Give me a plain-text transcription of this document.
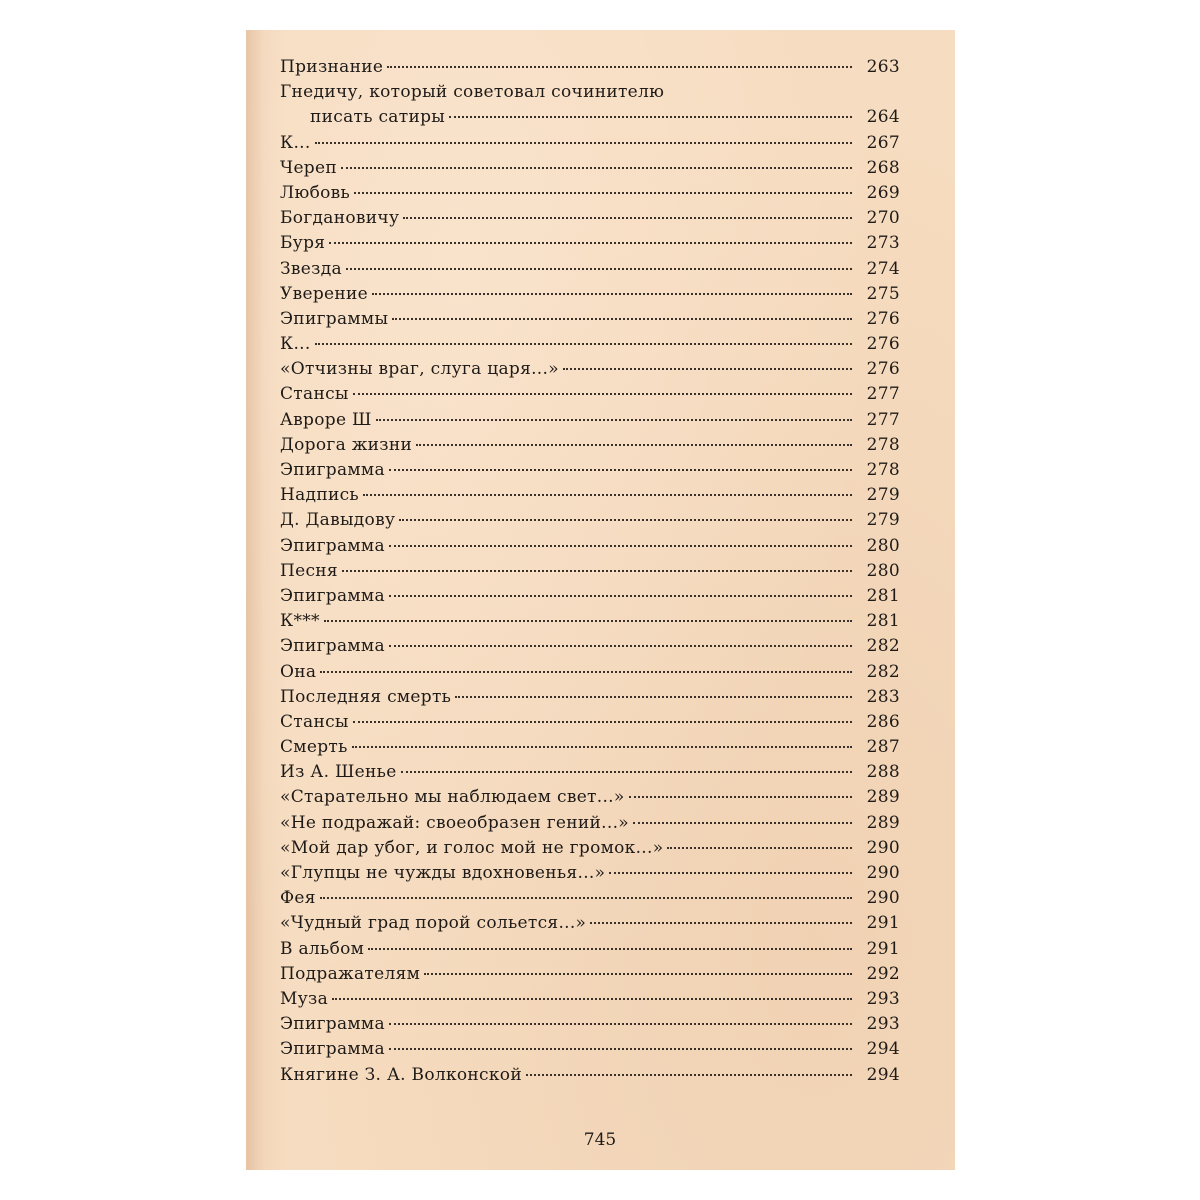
Признание	263
Гнедичу, который советовал сочинителю
писать сатиры	264
К...	267
Череп	268
Любовь	269
Богдановичу	270
Буря	273
Звезда	274
Уверение	275
Эпиграммы	276
К...	276
«Отчизны враг, слуга царя...»	276
Стансы	277
Авроре Ш	277
Дорога жизни	278
Эпиграмма	278
Надпись	279
Д. Давыдову	279
Эпиграмма	280
Песня	280
Эпиграмма	281
К***	281
Эпиграмма	282
Она	282
Последняя смерть	283
Стансы	286
Смерть	287
Из А. Шенье	288
«Старательно мы наблюдаем свет...»	289
«Не подражай: своеобразен гений...»	289
«Мой дар убог, и голос мой не громок...»	290
«Глупцы не чужды вдохновенья...»	290
Фея	290
«Чудный град порой сольется...»	291
В альбом	291
Подражателям	292
Муза	293
Эпиграмма	293
Эпиграмма	294
Княгине З. А. Волконской	294
745
